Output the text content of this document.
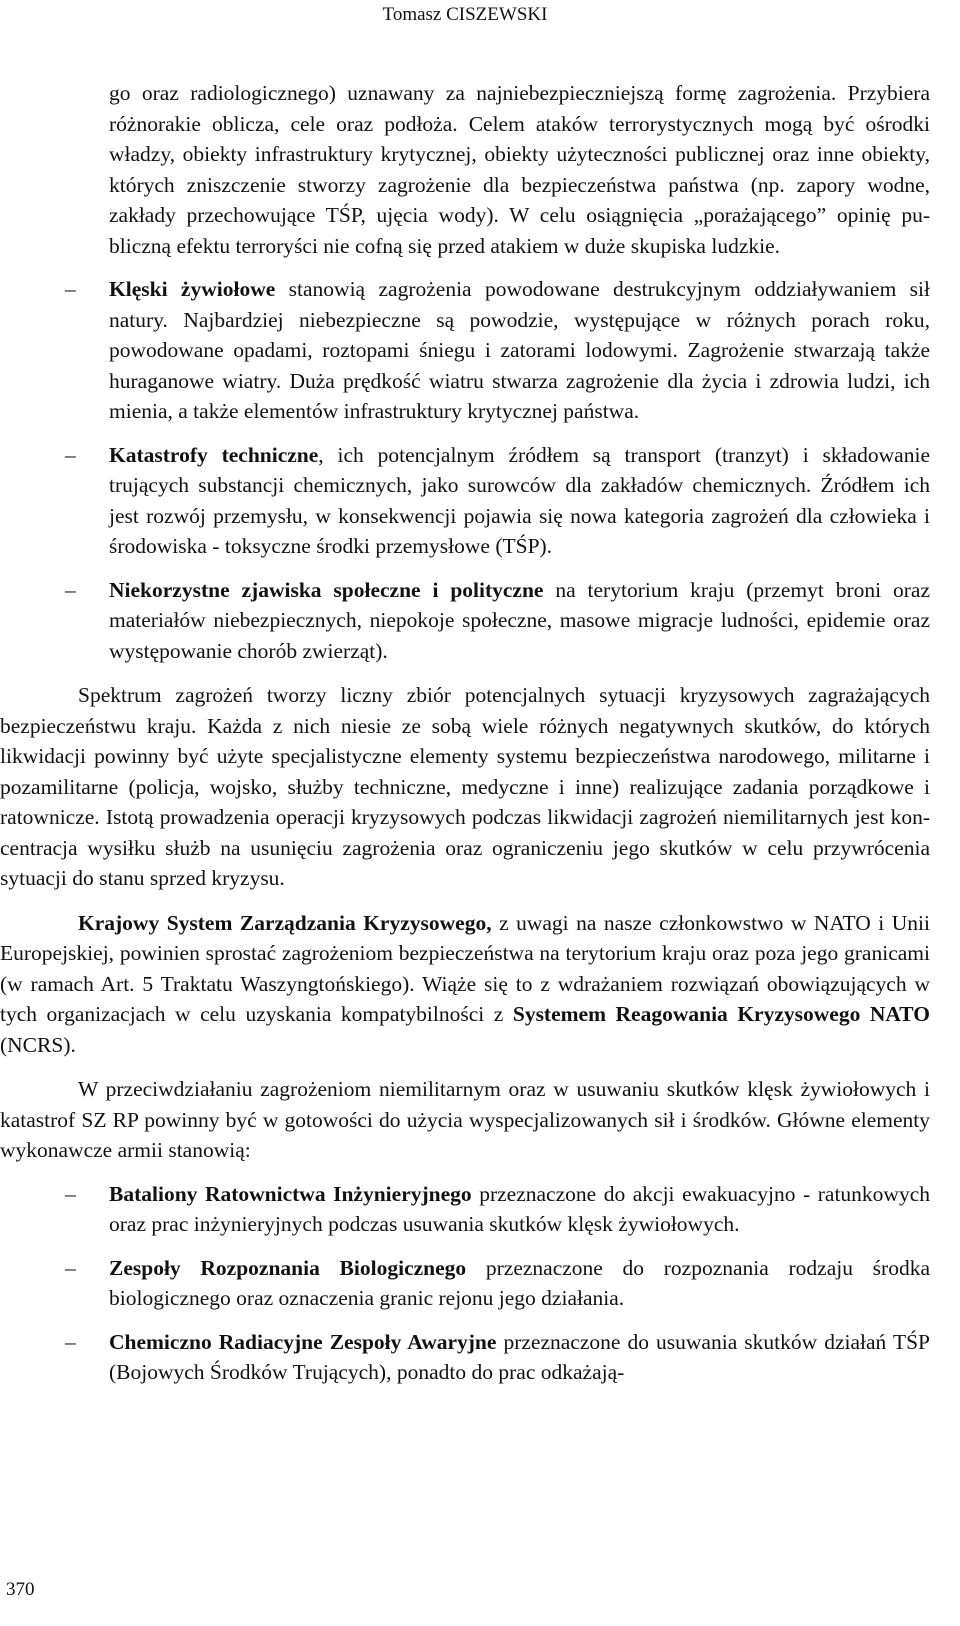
Tomasz CISZEWSKI

go oraz radiologicznego) uznawany za najniebezpieczniejszą formę zagrożenia. Przybiera różnorakie oblicza, cele oraz podłoża. Celem ataków terrorystycznych mogą być ośrodki władzy, obiekty infrastruktury krytycznej, obiekty użyteczności publicznej oraz inne obiekty, których zniszczenie stworzy zagrożenie dla bezpieczeństwa państwa (np. zapory wodne, zakłady przechowujące TŚP, ujęcia wody). W celu osiągnięcia „porażającego” opinię publiczną efektu terroryści nie cofną się przed atakiem w duże skupiska ludzkie.

– Klęski żywiołowe stanowią zagrożenia powodowane destrukcyjnym oddziaływaniem sił natury. Najbardziej niebezpieczne są powodzie, występujące w różnych porach roku, powodowane opadami, roztopami śniegu i zatorami lodowymi. Zagrożenie stwarzają także huraganowe wiatry. Duża prędkość wiatru stwarza zagrożenie dla życia i zdrowia ludzi, ich mienia, a także elementów infrastruktury krytycznej państwa.

– Katastrofy techniczne, ich potencjalnym źródłem są transport (tranzyt) i składowanie trujących substancji chemicznych, jako surowców dla zakładów chemicznych. Źródłem ich jest rozwój przemysłu, w konsekwencji pojawia się nowa kategoria zagrożeń dla człowieka i środowiska - toksyczne środki przemysłowe (TŚP).

– Niekorzystne zjawiska społeczne i polityczne na terytorium kraju (przemyt broni oraz materiałów niebezpiecznych, niepokoje społeczne, masowe migracje ludności, epidemie oraz występowanie chorób zwierząt).

Spektrum zagrożeń tworzy liczny zbiór potencjalnych sytuacji kryzysowych zagrażających bezpieczeństwu kraju. Każda z nich niesie ze sobą wiele różnych negatywnych skutków, do których likwidacji powinny być użyte specjalistyczne elementy systemu bezpieczeństwa narodowego, militarne i pozamilitarne (policja, wojsko, służby techniczne, medyczne i inne) realizujące zadania porządkowe i ratownicze. Istotą prowadzenia operacji kryzysowych podczas likwidacji zagrożeń niemilitarnych jest koncentracja wysiłku służb na usunięciu zagrożenia oraz ograniczeniu jego skutków w celu przywrócenia sytuacji do stanu sprzed kryzysu.

Krajowy System Zarządzania Kryzysowego, z uwagi na nasze członkowstwo w NATO i Unii Europejskiej, powinien sprostać zagrożeniom bezpieczeństwa na terytorium kraju oraz poza jego granicami (w ramach Art. 5 Traktatu Waszyngtońskiego). Wiąże się to z wdrażaniem rozwiązań obowiązujących w tych organizacjach w celu uzyskania kompatybilności z Systemem Reagowania Kryzysowego NATO (NCRS).

W przeciwdziałaniu zagrożeniom niemilitarnym oraz w usuwaniu skutków klęsk żywiołowych i katastrof SZ RP powinny być w gotowości do użycia wyspecjalizowanych sił i środków. Główne elementy wykonawcze armii stanowią:

– Bataliony Ratownictwa Inżynieryjnego przeznaczone do akcji ewakuacyjno - ratunkowych oraz prac inżynieryjnych podczas usuwania skutków klęsk żywiołowych.

– Zespoły Rozpoznania Biologicznego przeznaczone do rozpoznania rodzaju środka biologicznego oraz oznaczenia granic rejonu jego działania.

– Chemiczno Radiacyjne Zespoły Awaryjne przeznaczone do usuwania skutków działań TŚP (Bojowych Środków Trujących), ponadto do prac odkażają-

370
